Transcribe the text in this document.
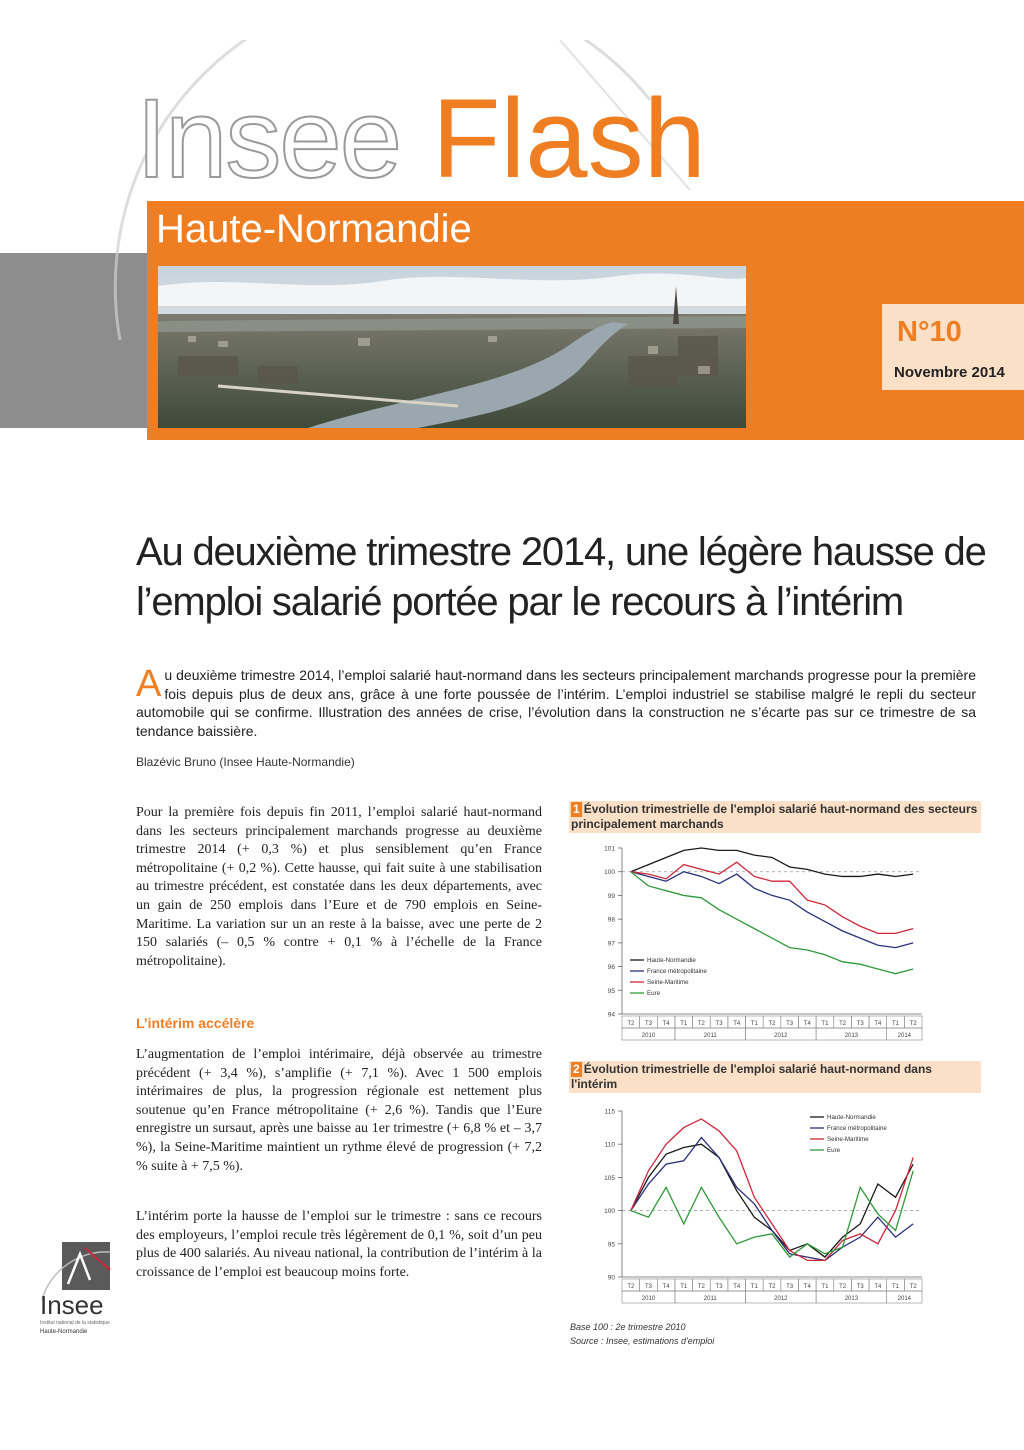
Insee Flash
Haute-Normandie
N°10
Novembre 2014
Au deuxième trimestre 2014, une légère hausse de l’emploi salarié portée par le recours à l’intérim
Au deuxième trimestre 2014, l’emploi salarié haut-normand dans les secteurs principalement marchands progresse pour la première fois depuis plus de deux ans, grâce à une forte poussée de l’intérim. L’emploi industriel se stabilise malgré le repli du secteur automobile qui se confirme. Illustration des années de crise, l’évolution dans la construction ne s’écarte pas sur ce trimestre de sa tendance baissière.
Blazévic Bruno (Insee Haute-Normandie)
Pour la première fois depuis fin 2011, l’emploi salarié haut-normand dans les secteurs principalement marchands progresse au deuxième trimestre 2014 (+ 0,3 %) et plus sensiblement qu’en France métropolitaine (+ 0,2 %). Cette hausse, qui fait suite à une stabilisation au trimestre précédent, est constatée dans les deux départements, avec un gain de 250 emplois dans l’Eure et de 790 emplois en Seine-Maritime. La variation sur un an reste à la baisse, avec une perte de 2 150 salariés (– 0,5 % contre + 0,1 % à l’échelle de la France métropolitaine).
L’intérim accélère
L’augmentation de l’emploi intérimaire, déjà observée au trimestre précédent (+ 3,4 %), s’amplifie (+ 7,1 %). Avec 1 500 emplois intérimaires de plus, la progression régionale est nettement plus soutenue qu’en France métropolitaine (+ 2,6 %). Tandis que l’Eure enregistre un sursaut, après une baisse au 1er trimestre (+ 6,8 % et – 3,7 %), la Seine-Maritime maintient un rythme élevé de progression (+ 7,2 % suite à + 7,5 %).
L’intérim porte la hausse de l’emploi sur le trimestre : sans ce recours des employeurs, l’emploi recule très légèrement de 0,1 %, soit d’un peu plus de 400 salariés. Au niveau national, la contribution de l’intérim à la croissance de l’emploi est beaucoup moins forte.
Insee
Institut national de la statistique
Haute-Normandie
1 Évolution trimestrielle de l'emploi salarié haut-normand des secteurs principalement marchands
94
95
96
97
98
99
100
101
T2 T3 T4 T1 T2 T3 T4 T1 T2 T3 T4 T1 T2 T3 T4 T1 T2
2010	2011	2012	2013	2014
Haute-Normandie
France métropolitaine
Seine-Maritime
Eure
2 Évolution trimestrielle de l'emploi salarié haut-normand dans l'intérim
90
95
100
105
110
115
T2 T3 T4 T1 T2 T3 T4 T1 T2 T3 T4 T1 T2 T3 T4 T1 T2
2010	2011	2012	2013	2014
Haute-Normandie
France métropolitaine
Seine-Maritime
Eure
Base 100 : 2e trimestre 2010
Source : Insee, estimations d'emploi
